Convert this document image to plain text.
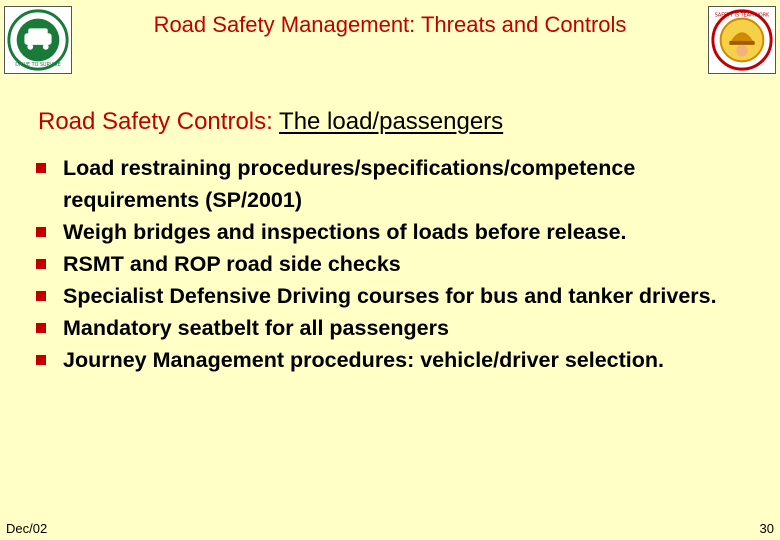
DRIVE TO SURVIVE
Road Safety Management: Threats and Controls	SAFETY IS TEAMWORK
Road Safety Controls: The load/passengers
Load restraining procedures/specifications/competence requirements (SP/2001)
Weigh bridges and inspections of loads before release.
RSMT and ROP road side checks
Specialist Defensive Driving courses for bus and tanker drivers.
Mandatory seatbelt for all passengers
Journey Management procedures: vehicle/driver selection.
Dec/02	30
